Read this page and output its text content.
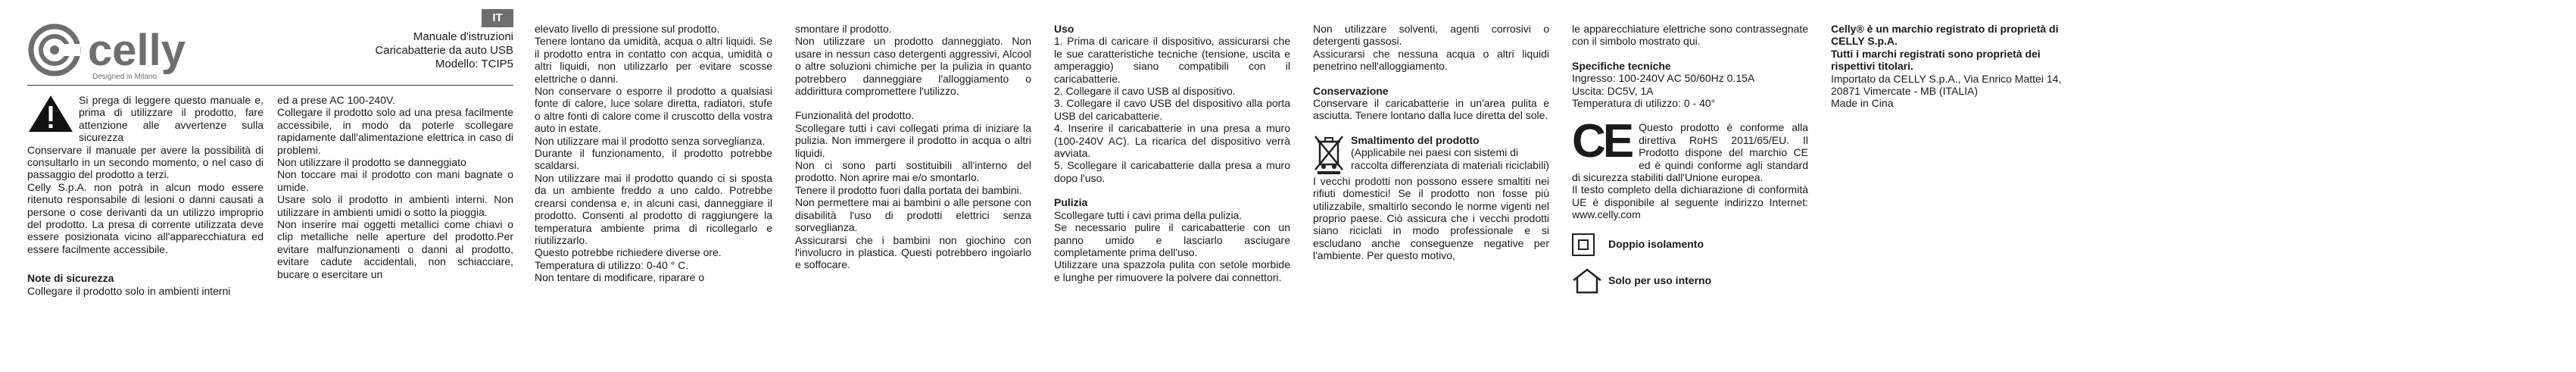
celly
Designed in Milano
IT
Manuale d'istruzioni
Caricabatterie da auto USB
Modello: TCIP5

Si prega di leggere questo manuale e, prima di utilizzare il prodotto, fare attenzione alle avvertenze sulla sicurezza

Conservare il manuale per avere la possibilità di consultarlo in un secondo momento, o nel caso di passaggio del prodotto a terzi.

Celly S.p.A. non potrà in alcun modo essere ritenuto responsabile di lesioni o danni causati a persone o cose derivanti da un utilizzo improprio del prodotto. La presa di corrente utilizzata deve essere posizionata vicino all'apparecchiatura ed essere facilmente accessibile.

Note di sicurezza

Collegare il prodotto solo in ambienti interni

ed a prese AC 100-240V.

Collegare il prodotto solo ad una presa facilmente accessibile, in modo da poterle scollegare rapidamente dall'alimentazione elettrica in caso di problemi.

Non utilizzare il prodotto se danneggiato

Non toccare mai il prodotto con mani bagnate o umide.

Usare solo il prodotto in ambienti interni. Non utilizzare in ambienti umidi o sotto la pioggia.

Non inserire mai oggetti metallici come chiavi o clip metalliche nelle aperture del prodotto.Per evitare malfunzionamenti o danni al prodotto, evitare cadute accidentali, non schiacciare, bucare o esercitare un

elevato livello di pressione sul prodotto.

Tenere lontano da umidità, acqua o altri liquidi. Se il prodotto entra in contatto con acqua, umidità o altri liquidi, non utilizzarlo per evitare scosse elettriche o danni.

Non conservare o esporre il prodotto a qualsiasi fonte di calore, luce solare diretta, radiatori, stufe o altre fonti di calore come il cruscotto della vostra auto in estate.

Non utilizzare mai il prodotto senza sorveglianza.

Durante il funzionamento, il prodotto potrebbe scaldarsi.

Non utilizzare mai il prodotto quando ci si sposta da un ambiente freddo a uno caldo. Potrebbe crearsi condensa e, in alcuni casi, danneggiare il prodotto. Consenti al prodotto di raggiungere la temperatura ambiente prima di ricollegarlo e riutilizzarlo.

Questo potrebbe richiedere diverse ore.

Temperatura di utilizzo: 0-40 ° C.

Non tentare di modificare, riparare o

smontare il prodotto.

Non utilizzare un prodotto danneggiato. Non usare in nessun caso detergenti aggressivi, Alcool o altre soluzioni chimiche per la pulizia in quanto potrebbero danneggiare l'alloggiamento o addirittura compromettere l'utilizzo.

Funzionalità del prodotto.

Scollegare tutti i cavi collegati prima di iniziare la pulizia. Non immergere il prodotto in acqua o altri liquidi.

Non ci sono parti sostituibili all'interno del prodotto. Non aprire mai e/o smontarlo.

Tenere il prodotto fuori dalla portata dei bambini.

Non permettere mai ai bambini o alle persone con disabilità l'uso di prodotti elettrici senza sorveglianza.

Assicurarsi che i bambini non giochino con l'involucro in plastica. Questi potrebbero ingoiarlo e soffocare.

Uso

1. Prima di caricare il dispositivo, assicurarsi che le sue caratteristiche tecniche (tensione, uscita e amperaggio) siano compatibili con il caricabatterie.

2. Collegare il cavo USB al dispositivo.

3. Collegare il cavo USB del dispositivo alla porta USB del caricabatterie.

4. Inserire il caricabatterie in una presa a muro (100-240V AC). La ricarica del dispositivo verrà avviata.

5. Scollegare il caricabatterie dalla presa a muro dopo l'uso.

Pulizia

Scollegare tutti i cavi prima della pulizia.

Se necessario pulire il caricabatterie con un panno umido e lasciarlo asciugare completamente prima dell'uso.

Utilizzare una spazzola pulita con setole morbide e lunghe per rimuovere la polvere dai connettori.

Non utilizzare solventi, agenti corrosivi o detergenti gassosi.

Assicurarsi che nessuna acqua o altri liquidi penetrino nell'alloggiamento.

Conservazione

Conservare il caricabatterie in un'area pulita e asciutta. Tenere lontano dalla luce diretta del sole.

Smaltimento del prodotto

(Applicabile nei paesi con sistemi di raccolta differenziata di materiali riciclabili)

I vecchi prodotti non possono essere smaltiti nei rifiuti domestici! Se il prodotto non fosse più utilizzabile, smaltirlo secondo le norme vigenti nel proprio paese. Ciò assicura che i vecchi prodotti siano riciclati in modo professionale e si escludano anche conseguenze negative per l'ambiente. Per questo motivo,

le apparecchiature elettriche sono contrassegnate con il simbolo mostrato qui.

Specifiche tecniche

Ingresso: 100-240V AC 50/60Hz 0.15A

Uscita: DC5V, 1A

Temperatura di utilizzo: 0 - 40°

CE Questo prodotto è conforme alla direttiva RoHS 2011/65/EU. Il Prodotto dispone del marchio CE ed è quindi conforme agli standard di sicurezza stabiliti dall'Unione europea.

Il testo completo della dichiarazione di conformità UE è disponibile al seguente indirizzo Internet: www.celly.com

Doppio isolamento

Solo per uso interno

Celly® è un marchio registrato di proprietà di CELLY S.p.A.

Tutti i marchi registrati sono proprietà dei rispettivi titolari.

Importato da CELLY S.p.A., Via Enrico Mattei 14, 20871 Vimercate - MB (ITALIA)

Made in Cina
